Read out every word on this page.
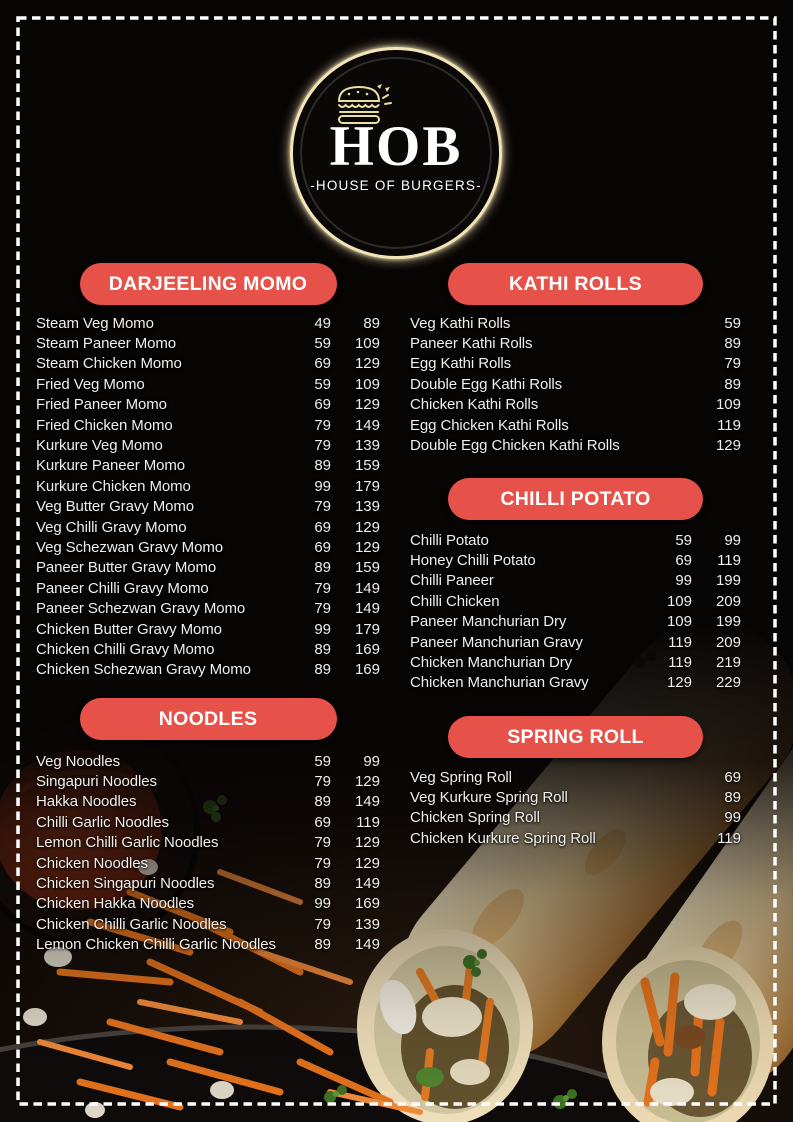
HOB
-HOUSE OF BURGERS-
DARJEELING MOMO
Steam Veg Momo	49	89
Steam Paneer Momo	59	109
Steam Chicken Momo	69	129
Fried Veg Momo	59	109
Fried Paneer Momo	69	129
Fried Chicken Momo	79	149
Kurkure Veg Momo	79	139
Kurkure Paneer Momo	89	159
Kurkure Chicken Momo	99	179
Veg Butter Gravy Momo	79	139
Veg Chilli Gravy Momo	69	129
Veg Schezwan Gravy Momo	69	129
Paneer Butter Gravy Momo	89	159
Paneer Chilli Gravy Momo	79	149
Paneer Schezwan Gravy Momo	79	149
Chicken Butter Gravy Momo	99	179
Chicken Chilli Gravy Momo	89	169
Chicken Schezwan Gravy Momo	89	169
KATHI ROLLS
Veg Kathi Rolls	59
Paneer Kathi Rolls	89
Egg Kathi Rolls	79
Double Egg Kathi Rolls	89
Chicken Kathi Rolls	109
Egg Chicken Kathi Rolls	119
Double Egg Chicken Kathi Rolls	129
CHILLI POTATO
Chilli Potato	59	99
Honey Chilli Potato	69	119
Chilli Paneer	99	199
Chilli Chicken	109	209
Paneer Manchurian Dry	109	199
Paneer Manchurian Gravy	119	209
Chicken Manchurian Dry	119	219
Chicken Manchurian Gravy	129	229
NOODLES
Veg Noodles	59	99
Singapuri Noodles	79	129
Hakka Noodles	89	149
Chilli Garlic Noodles	69	119
Lemon Chilli Garlic Noodles	79	129
Chicken Noodles	79	129
Chicken Singapuri Noodles	89	149
Chicken Hakka Noodles	99	169
Chicken Chilli Garlic Noodles	79	139
Lemon Chicken Chilli Garlic Noodles	89	149
SPRING ROLL
Veg Spring Roll	69
Veg Kurkure Spring Roll	89
Chicken Spring Roll	99
Chicken Kurkure Spring Roll	119
